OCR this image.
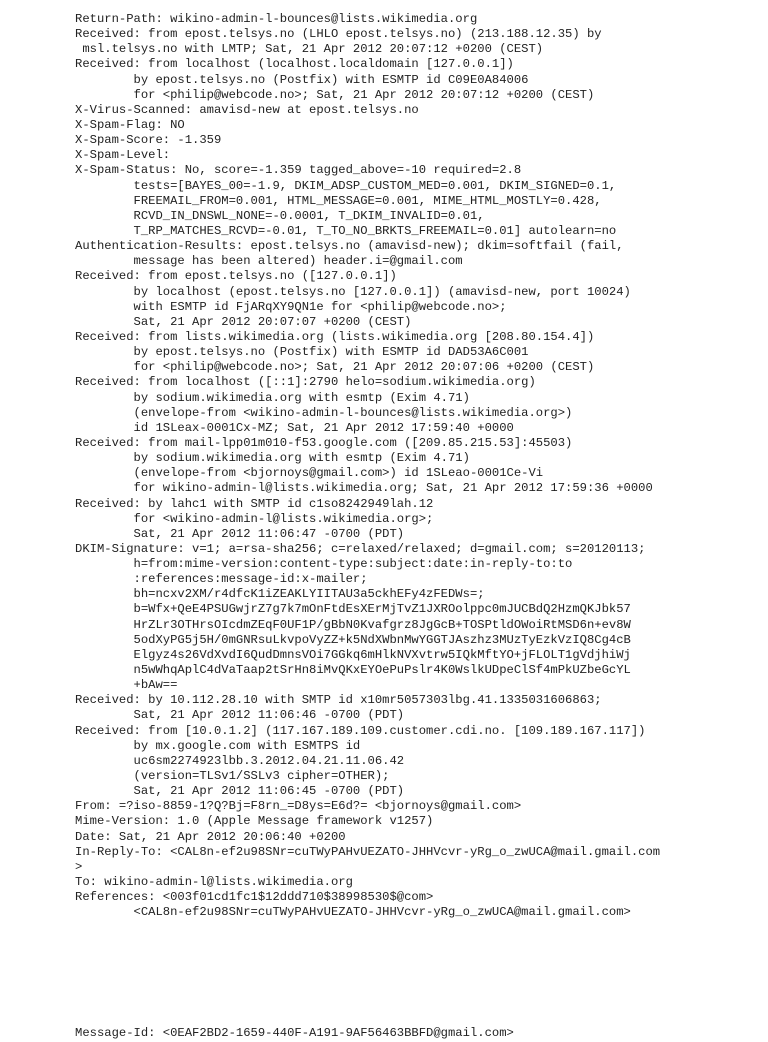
Return-Path: wikino-admin-l-bounces@lists.wikimedia.org
Received: from epost.telsys.no (LHLO epost.telsys.no) (213.188.12.35) by
msl.telsys.no with LMTP; Sat, 21 Apr 2012 20:07:12 +0200 (CEST)
Received: from localhost (localhost.localdomain [127.0.0.1])
by epost.telsys.no (Postfix) with ESMTP id C09E0A84006
for <philip@webcode.no>; Sat, 21 Apr 2012 20:07:12 +0200 (CEST)
X-Virus-Scanned: amavisd-new at epost.telsys.no
X-Spam-Flag: NO
X-Spam-Score: -1.359
X-Spam-Level:
X-Spam-Status: No, score=-1.359 tagged_above=-10 required=2.8
tests=[BAYES_00=-1.9, DKIM_ADSP_CUSTOM_MED=0.001, DKIM_SIGNED=0.1,
FREEMAIL_FROM=0.001, HTML_MESSAGE=0.001, MIME_HTML_MOSTLY=0.428,
RCVD_IN_DNSWL_NONE=-0.0001, T_DKIM_INVALID=0.01,
T_RP_MATCHES_RCVD=-0.01, T_TO_NO_BRKTS_FREEMAIL=0.01] autolearn=no
Authentication-Results: epost.telsys.no (amavisd-new); dkim=softfail (fail,
message has been altered) header.i=@gmail.com
Received: from epost.telsys.no ([127.0.0.1])
by localhost (epost.telsys.no [127.0.0.1]) (amavisd-new, port 10024)
with ESMTP id FjARqXY9QN1e for <philip@webcode.no>;
Sat, 21 Apr 2012 20:07:07 +0200 (CEST)
Received: from lists.wikimedia.org (lists.wikimedia.org [208.80.154.4])
by epost.telsys.no (Postfix) with ESMTP id DAD53A6C001
for <philip@webcode.no>; Sat, 21 Apr 2012 20:07:06 +0200 (CEST)
Received: from localhost ([::1]:2790 helo=sodium.wikimedia.org)
by sodium.wikimedia.org with esmtp (Exim 4.71)
(envelope-from <wikino-admin-l-bounces@lists.wikimedia.org>)
id 1SLeax-0001Cx-MZ; Sat, 21 Apr 2012 17:59:40 +0000
Received: from mail-lpp01m010-f53.google.com ([209.85.215.53]:45503)
by sodium.wikimedia.org with esmtp (Exim 4.71)
(envelope-from <bjornoys@gmail.com>) id 1SLeao-0001Ce-Vi
for wikino-admin-l@lists.wikimedia.org; Sat, 21 Apr 2012 17:59:36 +0000
Received: by lahc1 with SMTP id c1so8242949lah.12
for <wikino-admin-l@lists.wikimedia.org>;
Sat, 21 Apr 2012 11:06:47 -0700 (PDT)
DKIM-Signature: v=1; a=rsa-sha256; c=relaxed/relaxed; d=gmail.com; s=20120113;
h=from:mime-version:content-type:subject:date:in-reply-to:to
:references:message-id:x-mailer;
bh=ncxv2XM/r4dfcK1iZEAKLYIITAU3a5ckhEFy4zFEDWs=;
b=Wfx+QeE4PSUGwjrZ7g7k7mOnFtdEsXErMjTvZ1JXROolppc0mJUCBdQ2HzmQKJbk57
HrZLr3OTHrsOIcdmZEqF0UF1P/gBbN0Kvafgrz8JgGcB+TOSPtldOWoiRtMSD6n+ev8W
5odXyPG5j5H/0mGNRsuLkvpoVyZZ+k5NdXWbnMwYGGTJAszhz3MUzTyEzkVzIQ8Cg4cB
Elgyz4s26VdXvdI6QudDmnsVOi7GGkq6mHlkNVXvtrw5IQkMftYO+jFLOLT1gVdjhiWj
n5wWhqAplC4dVaTaap2tSrHn8iMvQKxEYOePuPslr4K0WslkUDpeClSf4mPkUZbeGcYL
+bAw==
Received: by 10.112.28.10 with SMTP id x10mr5057303lbg.41.1335031606863;
Sat, 21 Apr 2012 11:06:46 -0700 (PDT)
Received: from [10.0.1.2] (117.167.189.109.customer.cdi.no. [109.189.167.117])
by mx.google.com with ESMTPS id
uc6sm2274923lbb.3.2012.04.21.11.06.42
(version=TLSv1/SSLv3 cipher=OTHER);
Sat, 21 Apr 2012 11:06:45 -0700 (PDT)
From: =?iso-8859-1?Q?Bj=F8rn_=D8ys=E6d?= <bjornoys@gmail.com>
Mime-Version: 1.0 (Apple Message framework v1257)
Date: Sat, 21 Apr 2012 20:06:40 +0200
In-Reply-To: <CAL8n-ef2u98SNr=cuTWyPAHvUEZATO-JHHVcvr-yRg_o_zwUCA@mail.gmail.com
>
To: wikino-admin-l@lists.wikimedia.org
References: <003f01cd1fc1$12ddd710$38998530$@com>
<CAL8n-ef2u98SNr=cuTWyPAHvUEZATO-JHHVcvr-yRg_o_zwUCA@mail.gmail.com>
Message-Id: <0EAF2BD2-1659-440F-A191-9AF56463BBFD@gmail.com>
